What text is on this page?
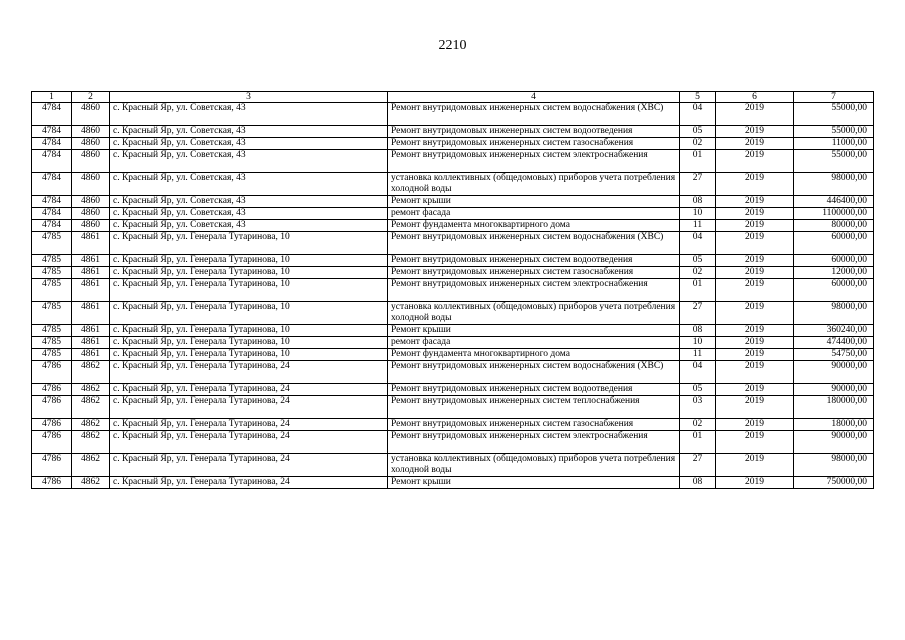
2210
1	2	3	4	5	6	7
4784	4860	с. Красный Яр, ул. Советская, 43	Ремонт внутридомовых инженерных систем водоснабжения (ХВС)	04	2019	55000,00
4784	4860	с. Красный Яр, ул. Советская, 43	Ремонт внутридомовых инженерных систем водоотведения	05	2019	55000,00
4784	4860	с. Красный Яр, ул. Советская, 43	Ремонт внутридомовых инженерных систем газоснабжения	02	2019	11000,00
4784	4860	с. Красный Яр, ул. Советская, 43	Ремонт внутридомовых инженерных систем электроснабжения	01	2019	55000,00
4784	4860	с. Красный Яр, ул. Советская, 43	установка коллективных (общедомовых) приборов учета потребления холодной воды	27	2019	98000,00
4784	4860	с. Красный Яр, ул. Советская, 43	Ремонт крыши	08	2019	446400,00
4784	4860	с. Красный Яр, ул. Советская, 43	ремонт фасада	10	2019	1100000,00
4784	4860	с. Красный Яр, ул. Советская, 43	Ремонт фундамента многоквартирного дома	11	2019	80000,00
4785	4861	с. Красный Яр, ул. Генерала Тутаринова, 10	Ремонт внутридомовых инженерных систем водоснабжения (ХВС)	04	2019	60000,00
4785	4861	с. Красный Яр, ул. Генерала Тутаринова, 10	Ремонт внутридомовых инженерных систем водоотведения	05	2019	60000,00
4785	4861	с. Красный Яр, ул. Генерала Тутаринова, 10	Ремонт внутридомовых инженерных систем газоснабжения	02	2019	12000,00
4785	4861	с. Красный Яр, ул. Генерала Тутаринова, 10	Ремонт внутридомовых инженерных систем электроснабжения	01	2019	60000,00
4785	4861	с. Красный Яр, ул. Генерала Тутаринова, 10	установка коллективных (общедомовых) приборов учета потребления холодной воды	27	2019	98000,00
4785	4861	с. Красный Яр, ул. Генерала Тутаринова, 10	Ремонт крыши	08	2019	360240,00
4785	4861	с. Красный Яр, ул. Генерала Тутаринова, 10	ремонт фасада	10	2019	474400,00
4785	4861	с. Красный Яр, ул. Генерала Тутаринова, 10	Ремонт фундамента многоквартирного дома	11	2019	54750,00
4786	4862	с. Красный Яр, ул. Генерала Тутаринова, 24	Ремонт внутридомовых инженерных систем водоснабжения (ХВС)	04	2019	90000,00
4786	4862	с. Красный Яр, ул. Генерала Тутаринова, 24	Ремонт внутридомовых инженерных систем водоотведения	05	2019	90000,00
4786	4862	с. Красный Яр, ул. Генерала Тутаринова, 24	Ремонт внутридомовых инженерных систем теплоснабжения	03	2019	180000,00
4786	4862	с. Красный Яр, ул. Генерала Тутаринова, 24	Ремонт внутридомовых инженерных систем газоснабжения	02	2019	18000,00
4786	4862	с. Красный Яр, ул. Генерала Тутаринова, 24	Ремонт внутридомовых инженерных систем электроснабжения	01	2019	90000,00
4786	4862	с. Красный Яр, ул. Генерала Тутаринова, 24	установка коллективных (общедомовых) приборов учета потребления холодной воды	27	2019	98000,00
4786	4862	с. Красный Яр, ул. Генерала Тутаринова, 24	Ремонт крыши	08	2019	750000,00
